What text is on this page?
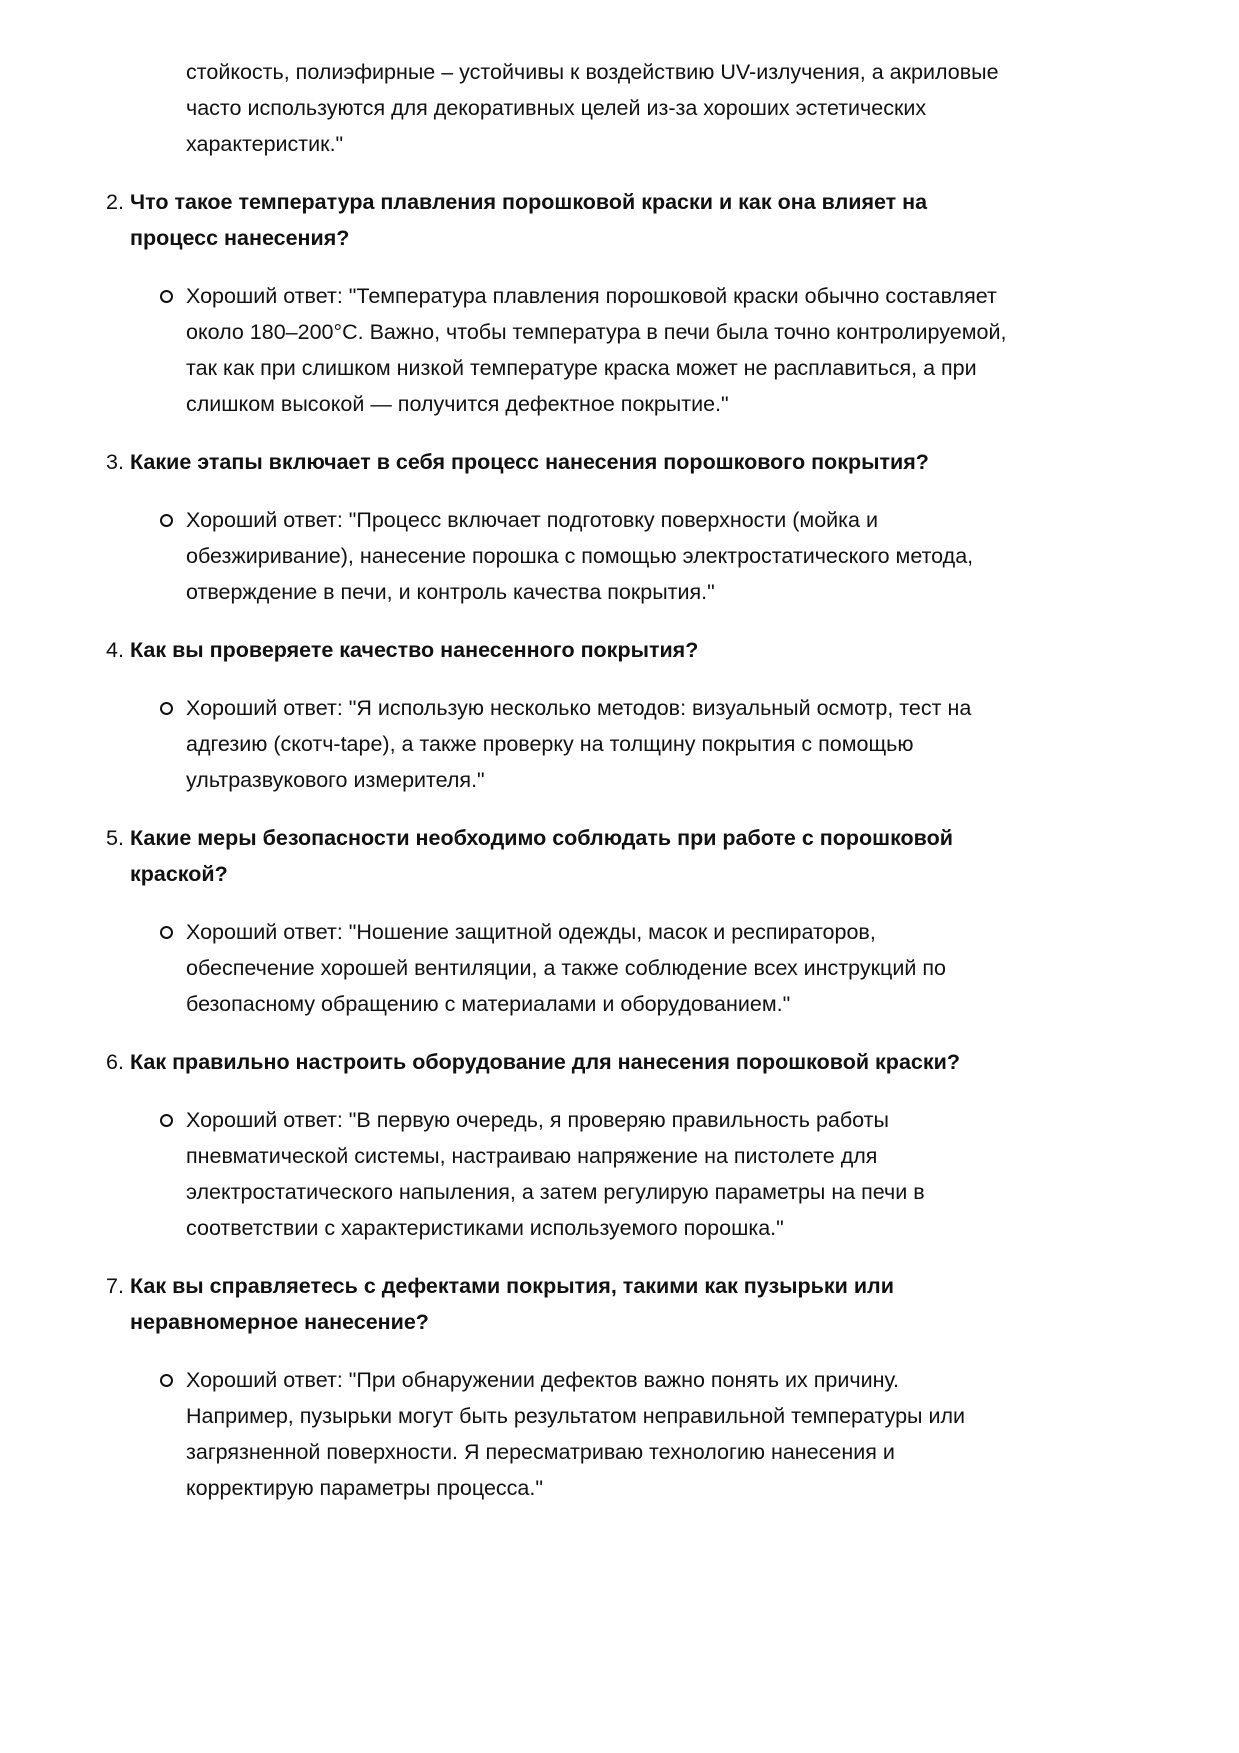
стойкость, полиэфирные – устойчивы к воздействию UV-излучения, а акриловые
часто используются для декоративных целей из-за хороших эстетических
характеристик."
2. Что такое температура плавления порошковой краски и как она влияет на
процесс нанесения?
Хороший ответ: "Температура плавления порошковой краски обычно составляет
около 180–200°C. Важно, чтобы температура в печи была точно контролируемой,
так как при слишком низкой температуре краска может не расплавиться, а при
слишком высокой — получится дефектное покрытие."
3. Какие этапы включает в себя процесс нанесения порошкового покрытия?
Хороший ответ: "Процесс включает подготовку поверхности (мойка и
обезжиривание), нанесение порошка с помощью электростатического метода,
отверждение в печи, и контроль качества покрытия."
4. Как вы проверяете качество нанесенного покрытия?
Хороший ответ: "Я использую несколько методов: визуальный осмотр, тест на
адгезию (скотч-tape), а также проверку на толщину покрытия с помощью
ультразвукового измерителя."
5. Какие меры безопасности необходимо соблюдать при работе с порошковой
краской?
Хороший ответ: "Ношение защитной одежды, масок и респираторов,
обеспечение хорошей вентиляции, а также соблюдение всех инструкций по
безопасному обращению с материалами и оборудованием."
6. Как правильно настроить оборудование для нанесения порошковой краски?
Хороший ответ: "В первую очередь, я проверяю правильность работы
пневматической системы, настраиваю напряжение на пистолете для
электростатического напыления, а затем регулирую параметры на печи в
соответствии с характеристиками используемого порошка."
7. Как вы справляетесь с дефектами покрытия, такими как пузырьки или
неравномерное нанесение?
Хороший ответ: "При обнаружении дефектов важно понять их причину.
Например, пузырьки могут быть результатом неправильной температуры или
загрязненной поверхности. Я пересматриваю технологию нанесения и
корректирую параметры процесса."
